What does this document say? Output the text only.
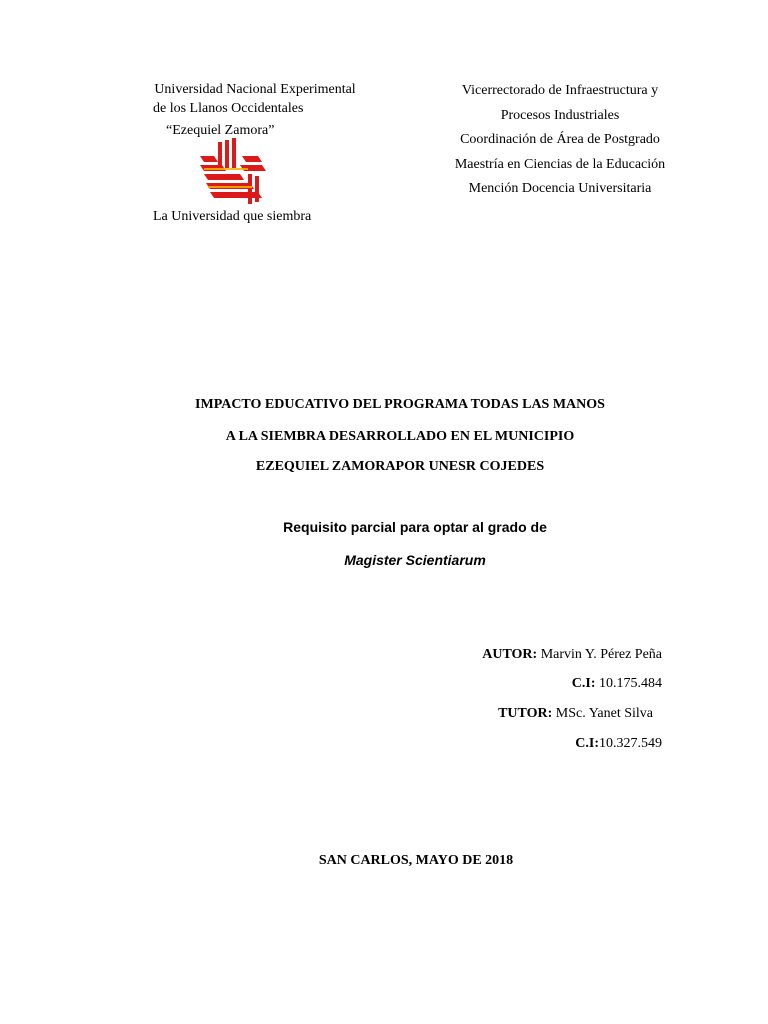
Universidad Nacional Experimental
de los Llanos Occidentales
“Ezequiel Zamora”
La Universidad que siembra
Vicerrectorado de Infraestructura y
Procesos Industriales
Coordinación de Área de Postgrado
Maestría en Ciencias de la Educación
Mención Docencia Universitaria
IMPACTO EDUCATIVO DEL PROGRAMA TODAS LAS MANOS
A LA SIEMBRA DESARROLLADO EN EL MUNICIPIO
EZEQUIEL ZAMORAPOR UNESR COJEDES
Requisito parcial para optar al grado de
Magister Scientiarum
AUTOR: Marvin Y. Pérez Peña
C.I: 10.175.484
TUTOR: MSc. Yanet Silva
C.I:10.327.549
SAN CARLOS, MAYO DE 2018
